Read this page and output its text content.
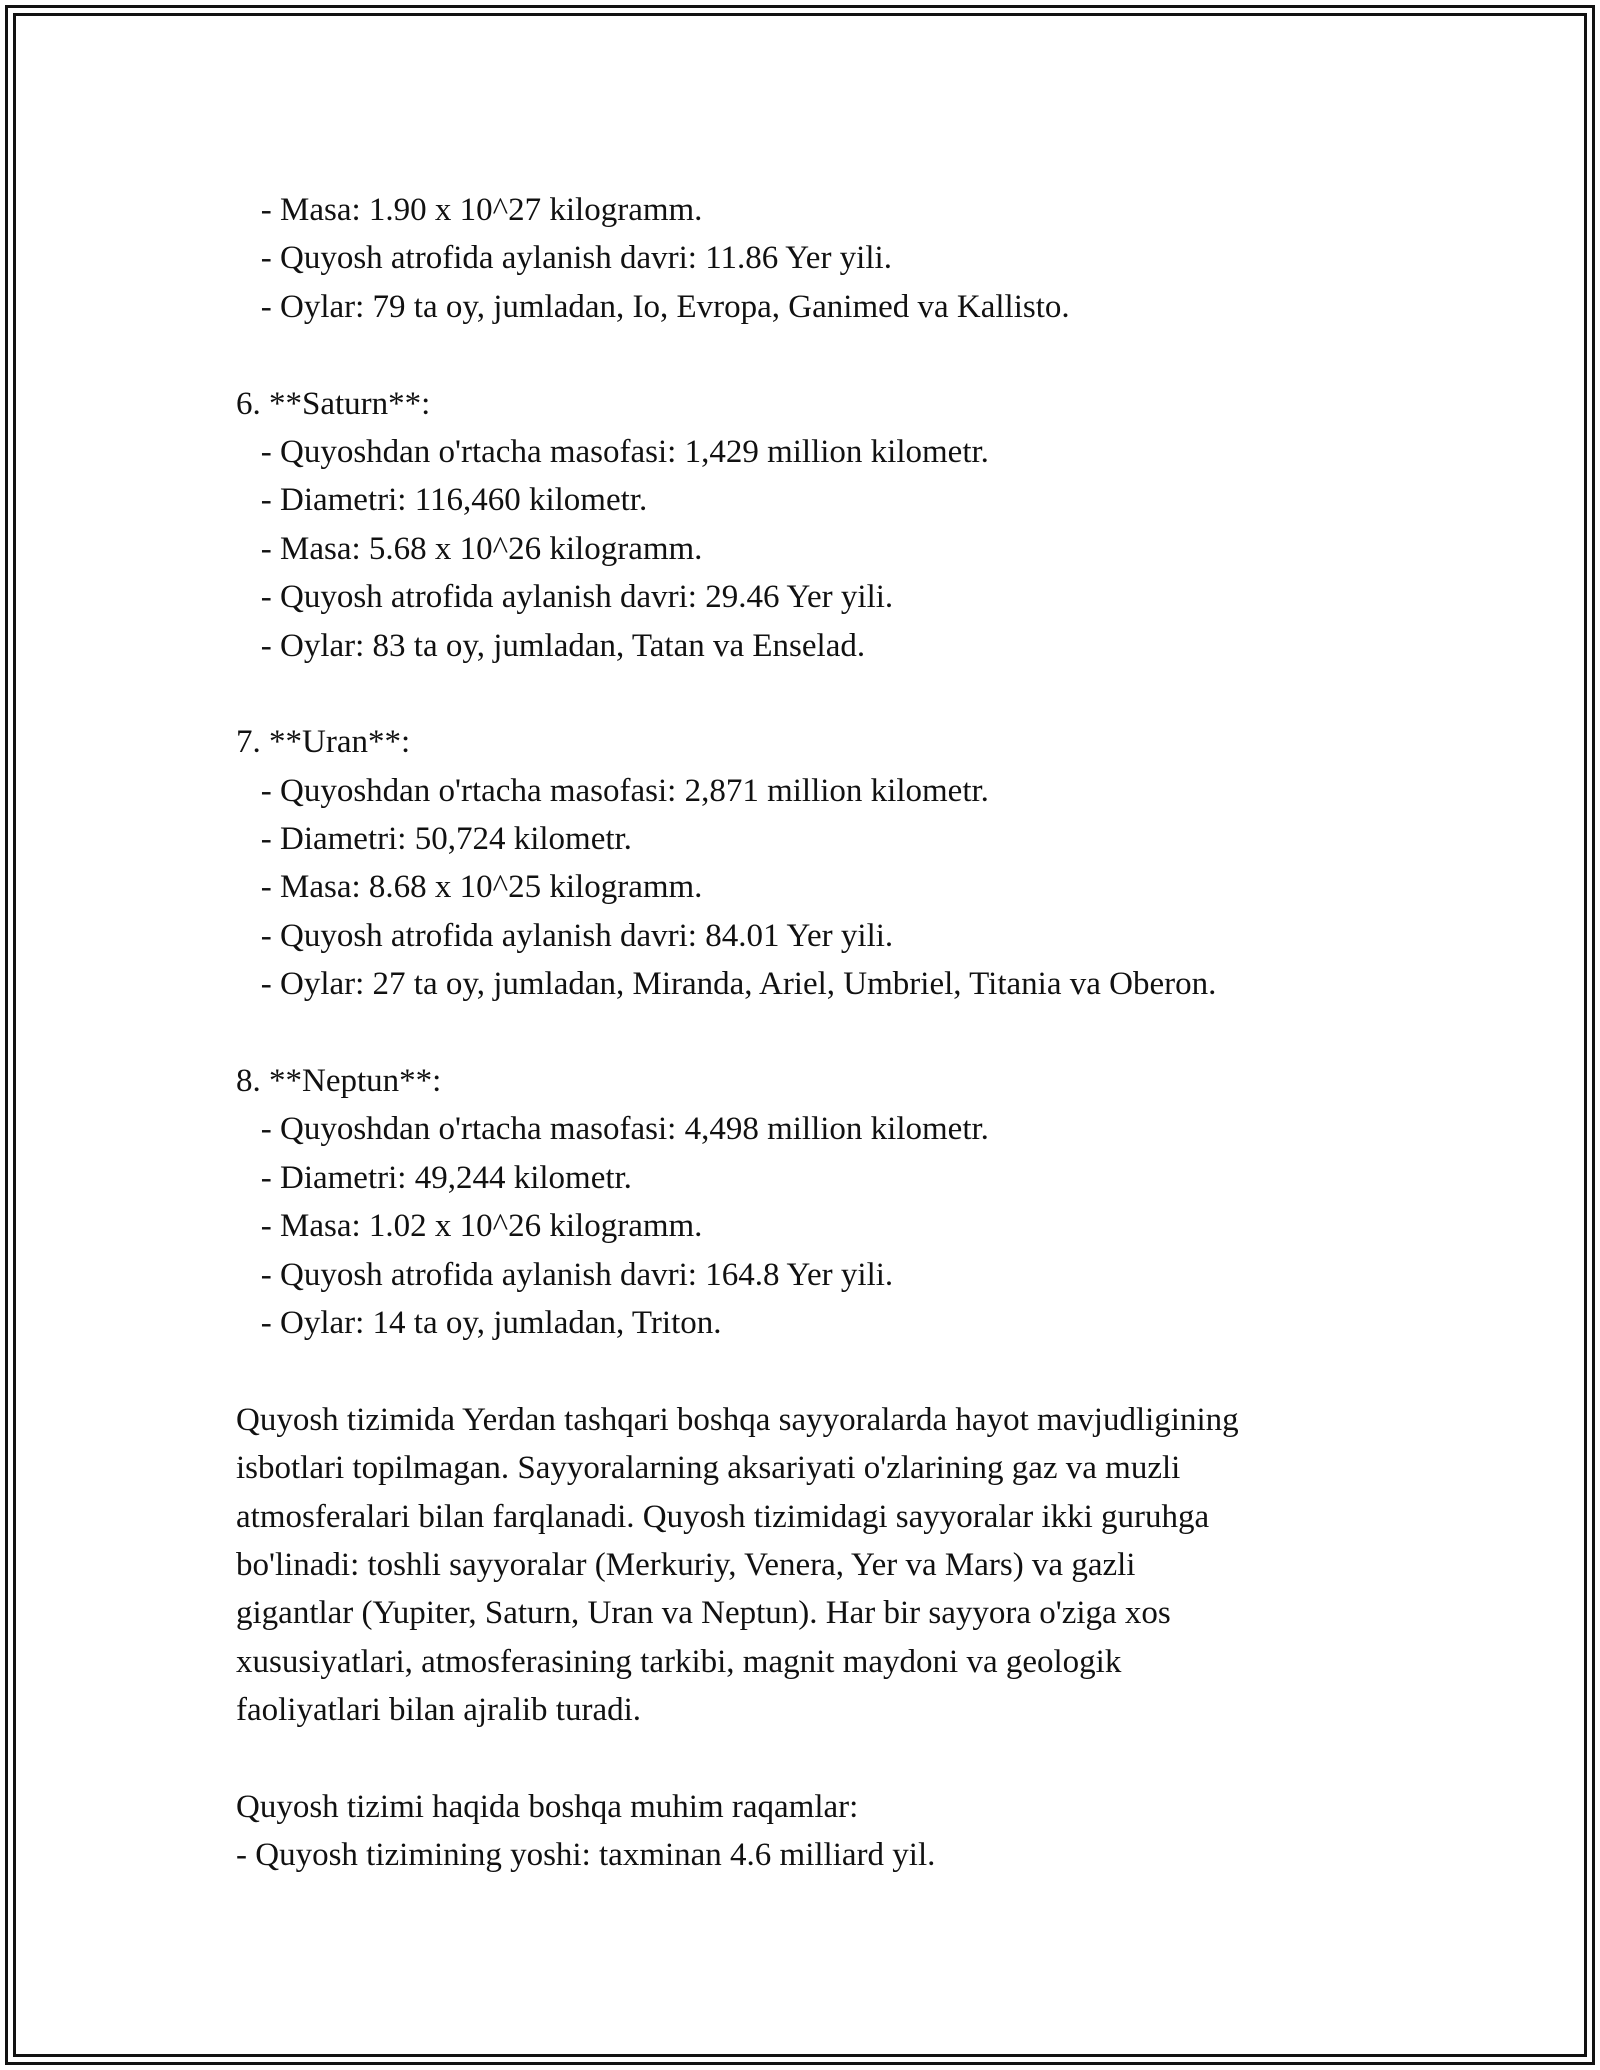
- Masa: 1.90 x 10^27 kilogramm.

- Quyosh atrofida aylanish davri: 11.86 Yer yili.

- Oylar: 79 ta oy, jumladan, Io, Evropa, Ganimed va Kallisto.

6. **Saturn**:

- Quyoshdan o'rtacha masofasi: 1,429 million kilometr.

- Diametri: 116,460 kilometr.

- Masa: 5.68 x 10^26 kilogramm.

- Quyosh atrofida aylanish davri: 29.46 Yer yili.

- Oylar: 83 ta oy, jumladan, Tatan va Enselad.

7. **Uran**:

- Quyoshdan o'rtacha masofasi: 2,871 million kilometr.

- Diametri: 50,724 kilometr.

- Masa: 8.68 x 10^25 kilogramm.

- Quyosh atrofida aylanish davri: 84.01 Yer yili.

- Oylar: 27 ta oy, jumladan, Miranda, Ariel, Umbriel, Titania va Oberon.

8. **Neptun**:

- Quyoshdan o'rtacha masofasi: 4,498 million kilometr.

- Diametri: 49,244 kilometr.

- Masa: 1.02 x 10^26 kilogramm.

- Quyosh atrofida aylanish davri: 164.8 Yer yili.

- Oylar: 14 ta oy, jumladan, Triton.

Quyosh tizimida Yerdan tashqari boshqa sayyoralarda hayot mavjudligining

isbotlari topilmagan. Sayyoralarning aksariyati o'zlarining gaz va muzli

atmosferalari bilan farqlanadi. Quyosh tizimidagi sayyoralar ikki guruhga

bo'linadi: toshli sayyoralar (Merkuriy, Venera, Yer va Mars) va gazli

gigantlar (Yupiter, Saturn, Uran va Neptun). Har bir sayyora o'ziga xos

xususiyatlari, atmosferasining tarkibi, magnit maydoni va geologik

faoliyatlari bilan ajralib turadi.

Quyosh tizimi haqida boshqa muhim raqamlar:

- Quyosh tizimining yoshi: taxminan 4.6 milliard yil.
